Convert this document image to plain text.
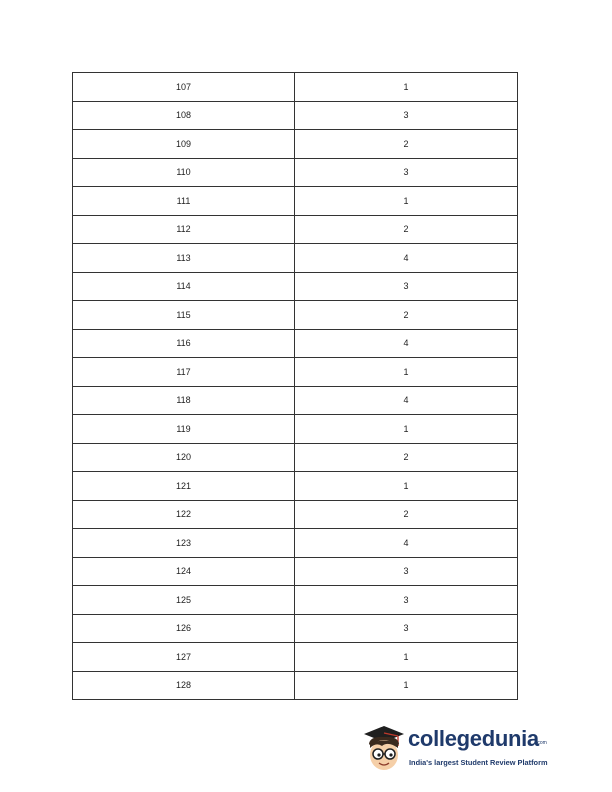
107	1
108	3
109	2
110	3
111	1
112	2
113	4
114	3
115	2
116	4
117	1
118	4
119	1
120	2
121	1
122	2
123	4
124	3
125	3
126	3
127	1
128	1
collegedunia
.com
India's largest Student Review Platform
